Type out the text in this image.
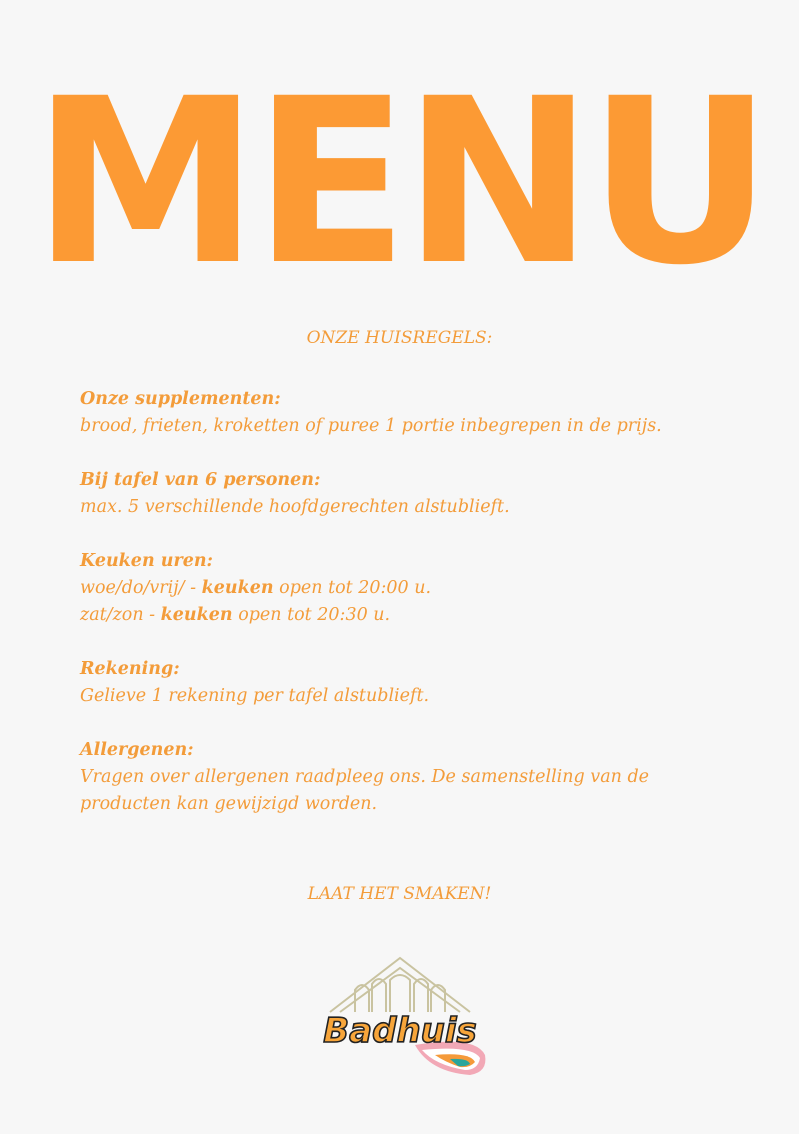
MENU
ONZE HUISREGELS:
Onze supplementen:
brood, frieten, kroketten of puree 1 portie inbegrepen in de prijs.
Bij tafel van 6 personen:
max. 5 verschillende hoofdgerechten alstublieft.
Keuken uren:
woe/do/vrij/ - keuken open tot 20:00 u.
zat/zon - keuken open tot 20:30 u.
Rekening:
Gelieve 1 rekening per tafel alstublieft.
Allergenen:
Vragen over allergenen raadpleeg ons. De samenstelling van de producten kan gewijzigd worden.
LAAT HET SMAKEN!
Badhuis
